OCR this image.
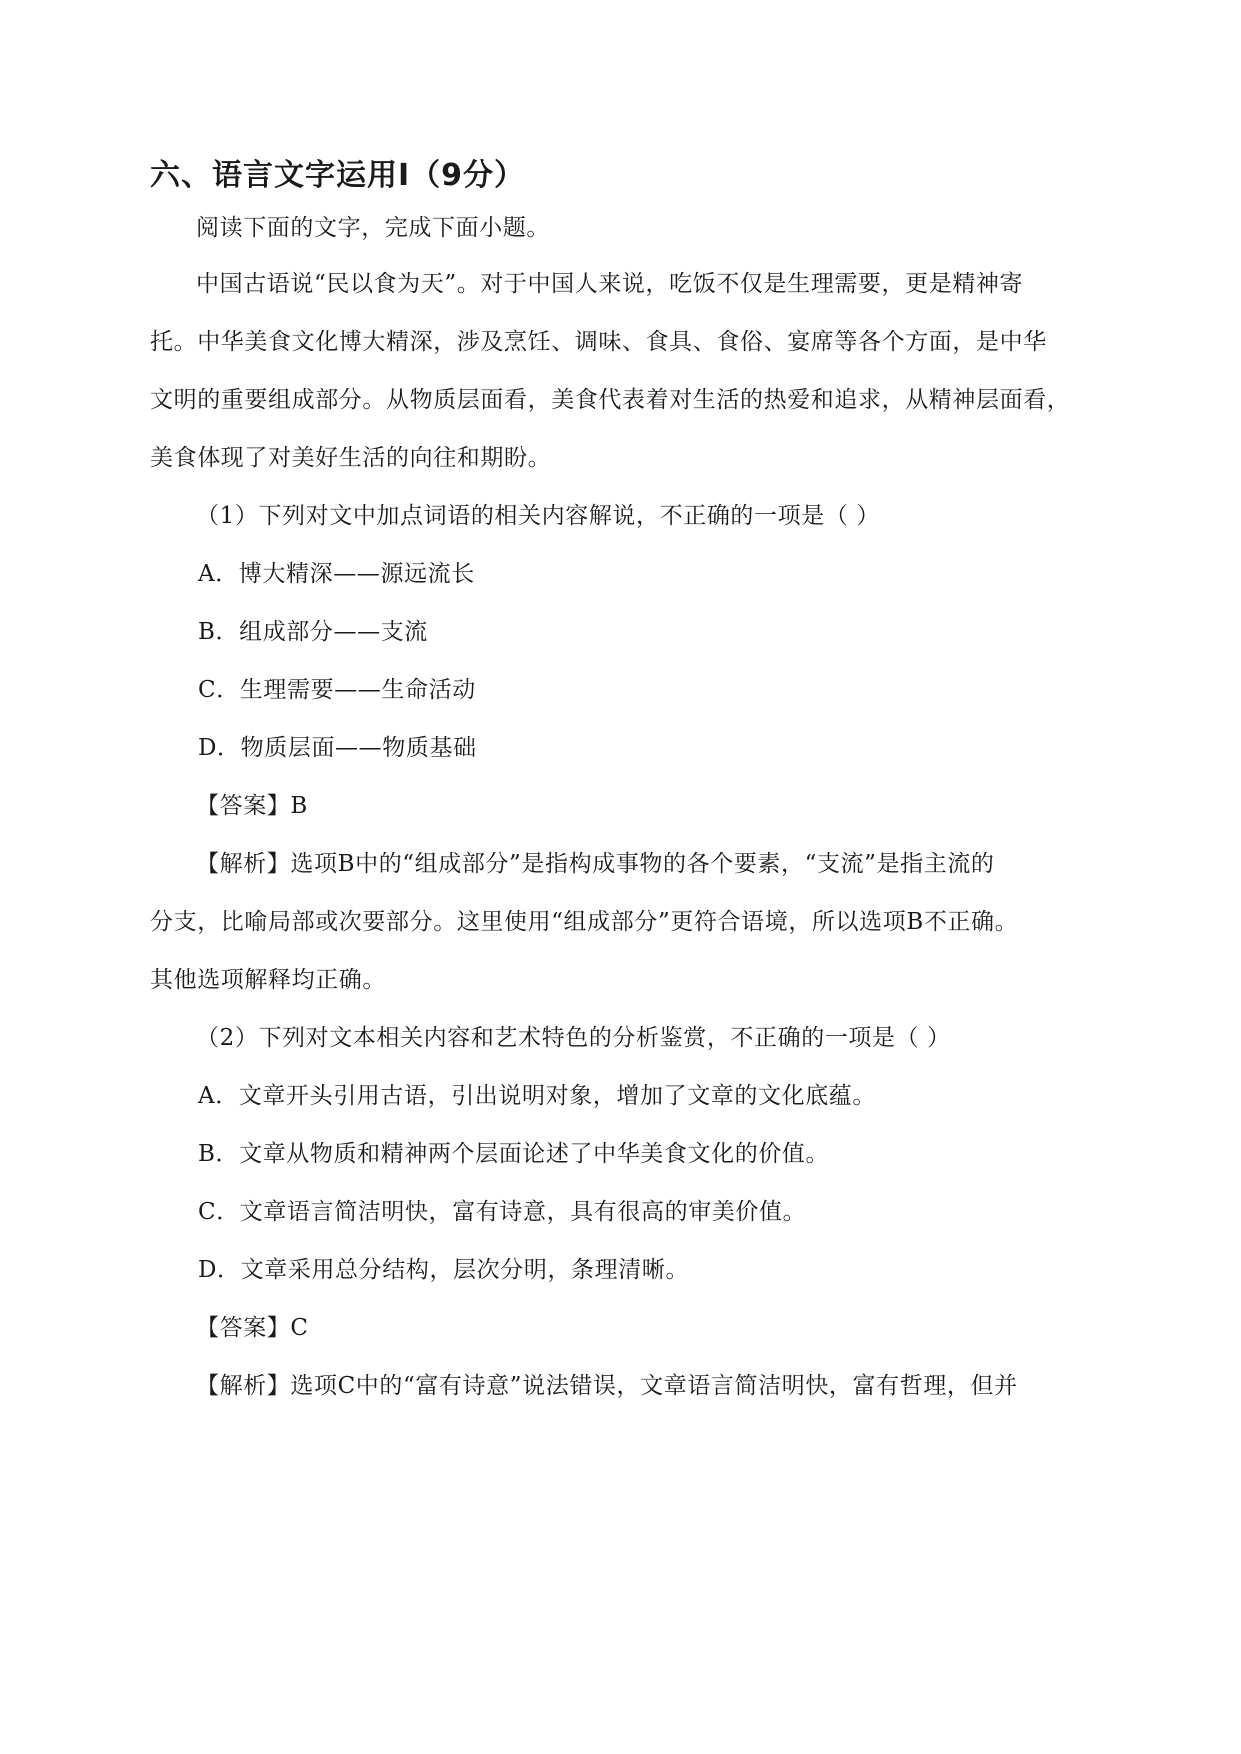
六、语言文字运用Ⅰ（9分）
阅读下面的文字，完成下面小题。
中国古语说“民以食为天”。对于中国人来说，吃饭不仅是生理需要，更是精神寄
托。中华美食文化博大精深，涉及烹饪、调味、食具、食俗、宴席等各个方面，是中华
文明的重要组成部分。从物质层面看，美食代表着对生活的热爱和追求，从精神层面看，
美食体现了对美好生活的向往和期盼。
（1）下列对文中加点词语的相关内容解说，不正确的一项是（ ）
A．博大精深——源远流长
B．组成部分——支流
C．生理需要——生命活动
D．物质层面——物质基础
【答案】B
【解析】选项B中的“组成部分”是指构成事物的各个要素，“支流”是指主流的
分支，比喻局部或次要部分。这里使用“组成部分”更符合语境，所以选项B不正确。
其他选项解释均正确。
（2）下列对文本相关内容和艺术特色的分析鉴赏，不正确的一项是（ ）
A．文章开头引用古语，引出说明对象，增加了文章的文化底蕴。
B．文章从物质和精神两个层面论述了中华美食文化的价值。
C．文章语言简洁明快，富有诗意，具有很高的审美价值。
D．文章采用总分结构，层次分明，条理清晰。
【答案】C
【解析】选项C中的“富有诗意”说法错误，文章语言简洁明快，富有哲理，但并
